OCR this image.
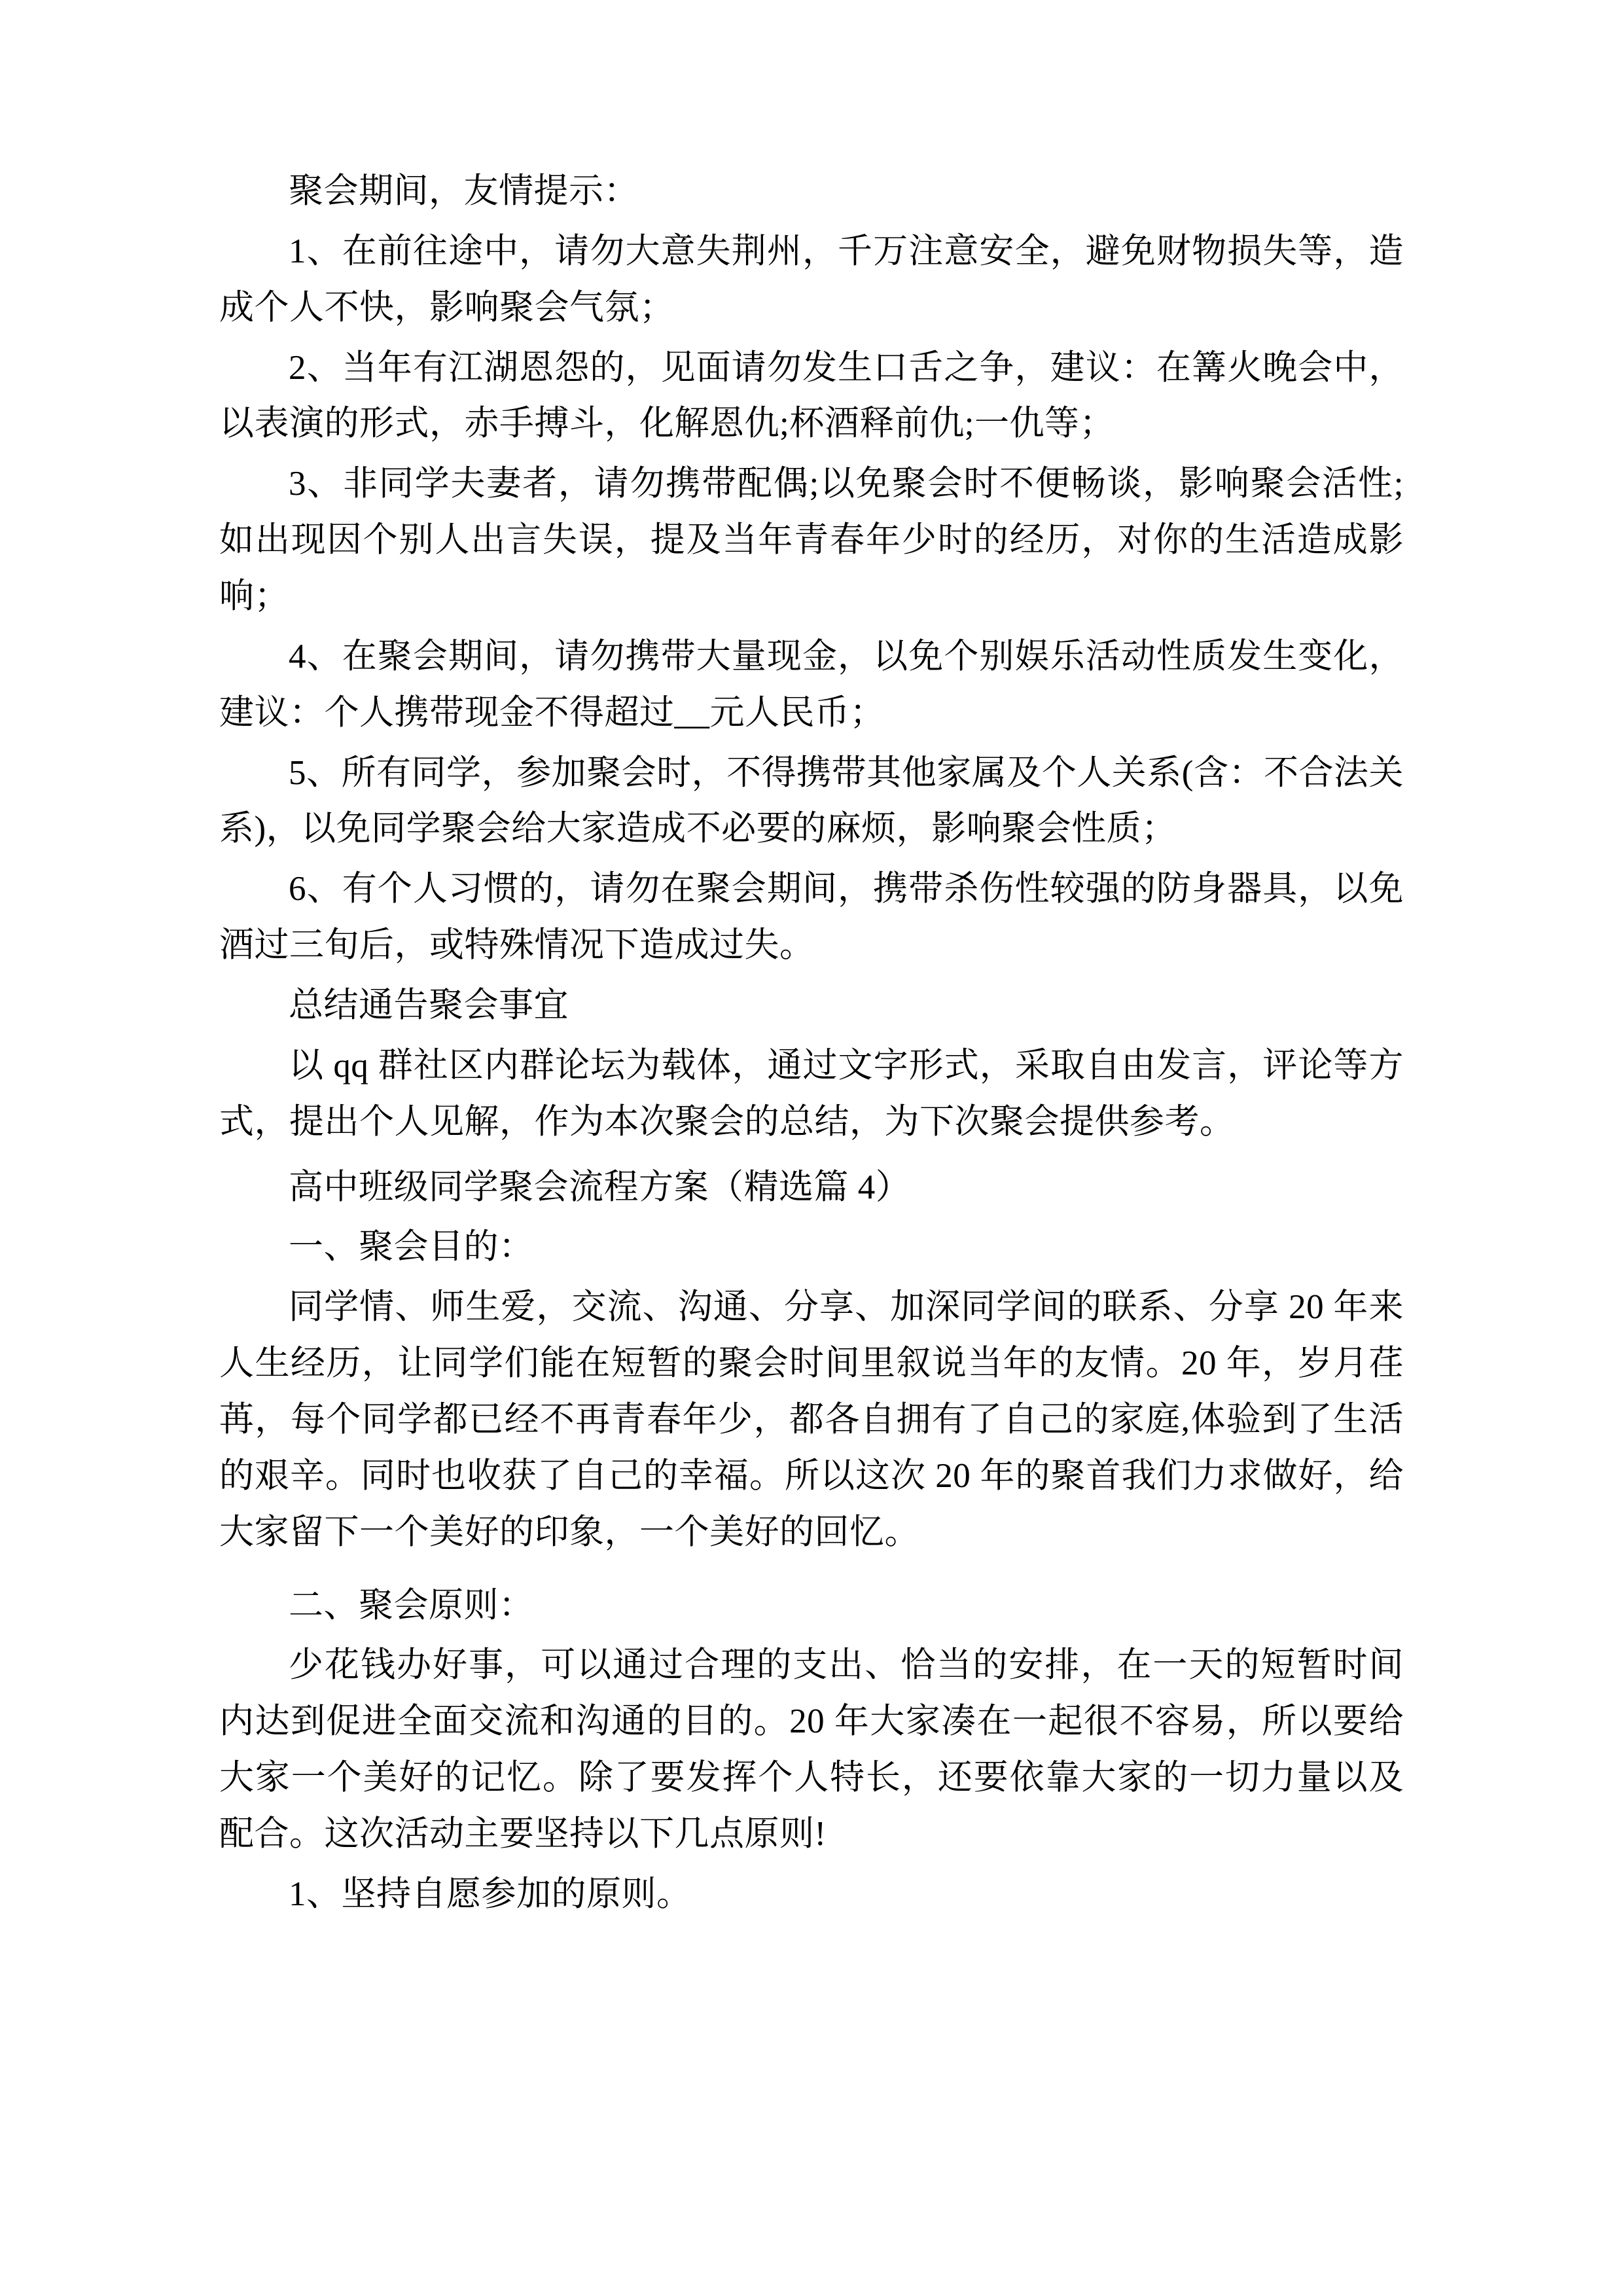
聚会期间，友情提示：

1、在前往途中，请勿大意失荆州，千万注意安全，避免财物损失等，造成个人不快，影响聚会气氛；

2、当年有江湖恩怨的，见面请勿发生口舌之争，建议：在篝火晚会中，以表演的形式，赤手搏斗，化解恩仇;杯酒释前仇;一仇等；

3、非同学夫妻者，请勿携带配偶;以免聚会时不便畅谈，影响聚会活性;如出现因个别人出言失误，提及当年青春年少时的经历，对你的生活造成影响；

4、在聚会期间，请勿携带大量现金，以免个别娱乐活动性质发生变化，建议：个人携带现金不得超过__元人民币；

5、所有同学，参加聚会时，不得携带其他家属及个人关系(含：不合法关系)，以免同学聚会给大家造成不必要的麻烦，影响聚会性质；

6、有个人习惯的，请勿在聚会期间，携带杀伤性较强的防身器具，以免酒过三旬后，或特殊情况下造成过失。

总结通告聚会事宜

以 qq 群社区内群论坛为载体，通过文字形式，采取自由发言，评论等方式，提出个人见解，作为本次聚会的总结，为下次聚会提供参考。

高中班级同学聚会流程方案（精选篇 4）

一、聚会目的：

同学情、师生爱，交流、沟通、分享、加深同学间的联系、分享 20 年来人生经历，让同学们能在短暂的聚会时间里叙说当年的友情。20 年，岁月荏苒，每个同学都已经不再青春年少，都各自拥有了自己的家庭,体验到了生活的艰辛。同时也收获了自己的幸福。所以这次 20 年的聚首我们力求做好，给大家留下一个美好的印象，一个美好的回忆。

二、聚会原则：

少花钱办好事，可以通过合理的支出、恰当的安排，在一天的短暂时间内达到促进全面交流和沟通的目的。20 年大家凑在一起很不容易，所以要给大家一个美好的记忆。除了要发挥个人特长，还要依靠大家的一切力量以及配合。这次活动主要坚持以下几点原则!

1、坚持自愿参加的原则。
